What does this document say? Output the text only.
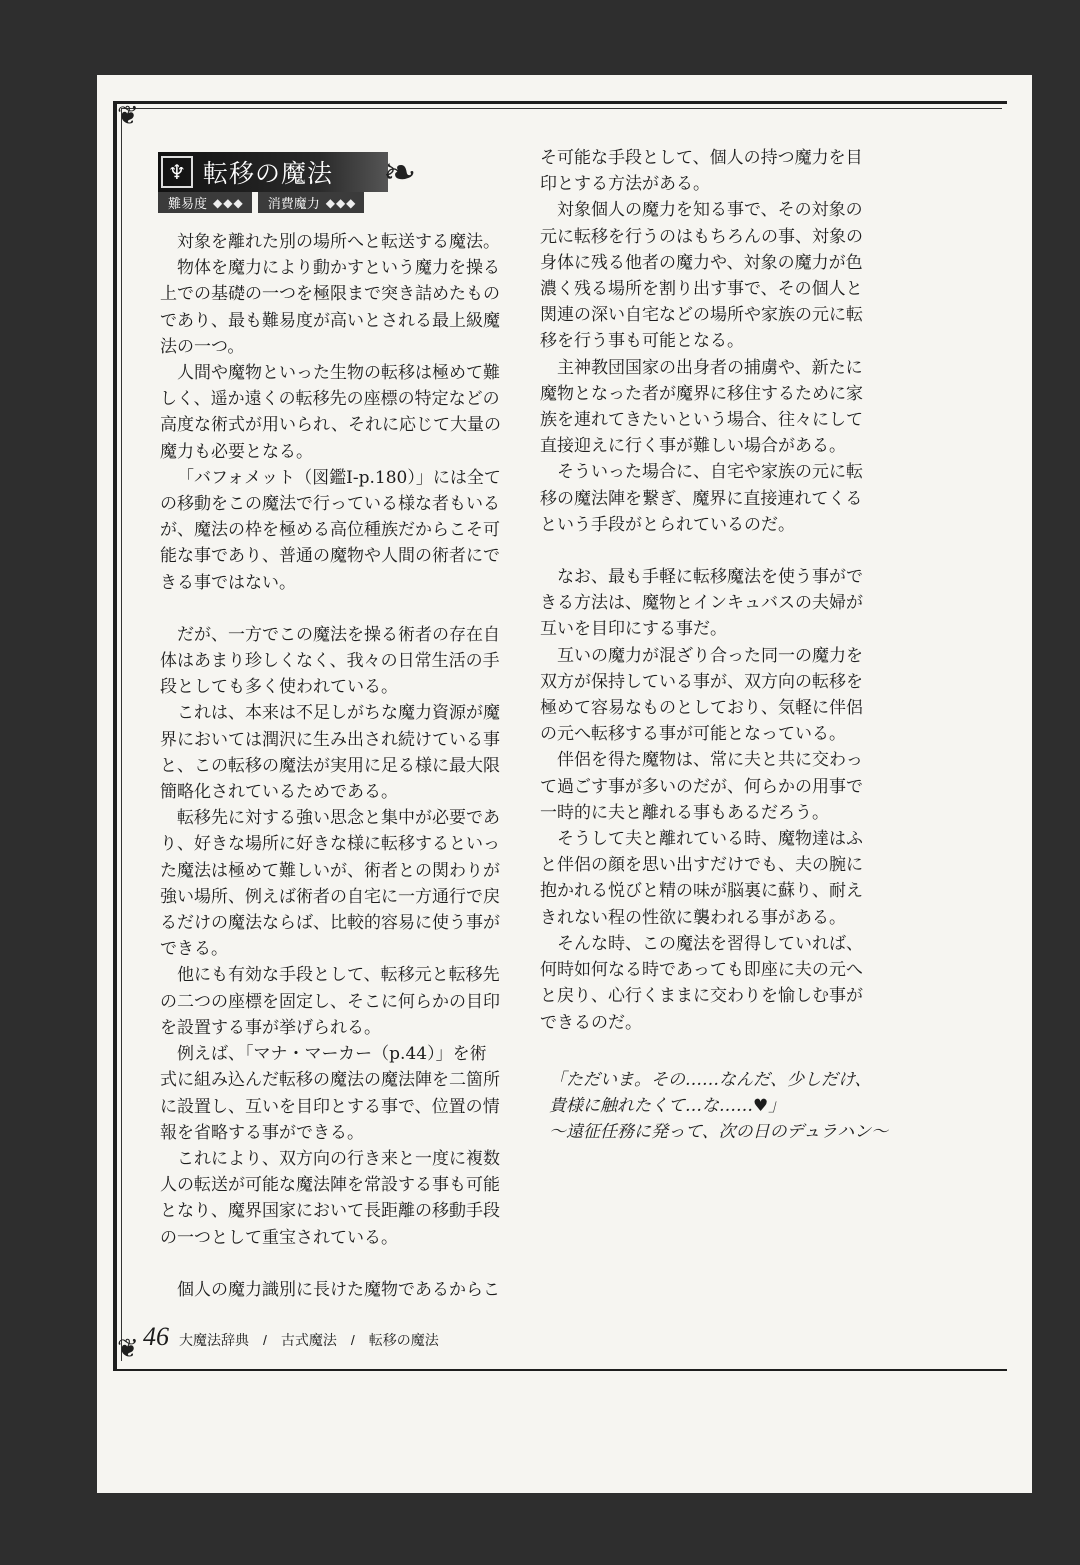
❦
❦
♆ 転移の魔法 ❧
難易度 ◆◆◆ 消費魔力 ◆◆◆

対象を離れた別の場所へと転送する魔法。

物体を魔力により動かすという魔力を操る上での基礎の一つを極限まで突き詰めたものであり、最も難易度が高いとされる最上級魔法の一つ。

人間や魔物といった生物の転移は極めて難しく、遥か遠くの転移先の座標の特定などの高度な術式が用いられ、それに応じて大量の魔力も必要となる。

「バフォメット（図鑑Ⅰ-p.180）」には全ての移動をこの魔法で行っている様な者もいるが、魔法の枠を極める高位種族だからこそ可能な事であり、普通の魔物や人間の術者にできる事ではない。

だが、一方でこの魔法を操る術者の存在自体はあまり珍しくなく、我々の日常生活の手段としても多く使われている。

これは、本来は不足しがちな魔力資源が魔界においては潤沢に生み出され続けている事と、この転移の魔法が実用に足る様に最大限簡略化されているためである。

転移先に対する強い思念と集中が必要であり、好きな場所に好きな様に転移するといった魔法は極めて難しいが、術者との関わりが強い場所、例えば術者の自宅に一方通行で戻るだけの魔法ならば、比較的容易に使う事ができる。

他にも有効な手段として、転移元と転移先の二つの座標を固定し、そこに何らかの目印を設置する事が挙げられる。

例えば、「マナ・マーカー（p.44）」を術式に組み込んだ転移の魔法の魔法陣を二箇所に設置し、互いを目印とする事で、位置の情報を省略する事ができる。

これにより、双方向の行き来と一度に複数人の転送が可能な魔法陣を常設する事も可能となり、魔界国家において長距離の移動手段の一つとして重宝されている。

個人の魔力識別に長けた魔物であるからこ

そ可能な手段として、個人の持つ魔力を目印とする方法がある。

対象個人の魔力を知る事で、その対象の元に転移を行うのはもちろんの事、対象の身体に残る他者の魔力や、対象の魔力が色濃く残る場所を割り出す事で、その個人と関連の深い自宅などの場所や家族の元に転移を行う事も可能となる。

主神教団国家の出身者の捕虜や、新たに魔物となった者が魔界に移住するために家族を連れてきたいという場合、往々にして直接迎えに行く事が難しい場合がある。

そういった場合に、自宅や家族の元に転移の魔法陣を繋ぎ、魔界に直接連れてくるという手段がとられているのだ。

なお、最も手軽に転移魔法を使う事ができる方法は、魔物とインキュバスの夫婦が互いを目印にする事だ。

互いの魔力が混ざり合った同一の魔力を双方が保持している事が、双方向の転移を極めて容易なものとしており、気軽に伴侶の元へ転移する事が可能となっている。

伴侶を得た魔物は、常に夫と共に交わって過ごす事が多いのだが、何らかの用事で一時的に夫と離れる事もあるだろう。

そうして夫と離れている時、魔物達はふと伴侶の顔を思い出すだけでも、夫の腕に抱かれる悦びと精の味が脳裏に蘇り、耐えきれない程の性欲に襲われる事がある。

そんな時、この魔法を習得していれば、何時如何なる時であっても即座に夫の元へと戻り、心行くままに交わりを愉しむ事ができるのだ。

「ただいま。その……なんだ、少しだけ、
貴様に触れたくて…な……♥」
～遠征任務に発って、次の日のデュラハン～
46 大魔法辞典 / 古式魔法 / 転移の魔法
